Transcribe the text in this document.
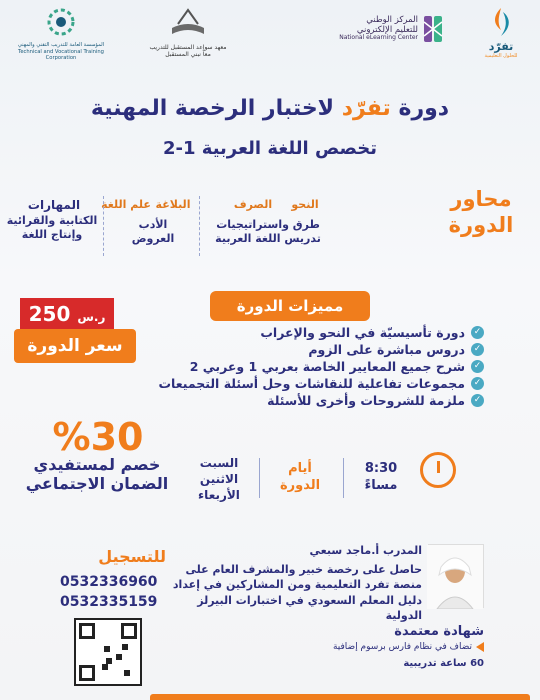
تفرّد
للحلول التعليمية
المركز الوطني
للتعليم الإلكتروني
National eLearning Center
معهد سواعد المستقبل للتدريب
معاً نبني المستقبل
المؤسسة العامة للتدريب التقني والمهني
Technical and Vocational Training Corporation
دورة تفرّد لاختبار الرخصة المهنية
تخصص اللغة العربية 1-2
محاور الدورة
النحو
الصرف
طرق واستراتيجيات تدريس اللغة العربية
البلاغة
علم اللغة
الأدب العروض
المهارات
الكتابية والقرائية وإنتاج اللغة
مميزات الدورة
✓
دورة تأسيسيّة في النحو والإعراب
✓
دروس مباشرة على الزوم
✓
شرح جميع المعايير الخاصة بعربي 1 وعربي 2
✓
مجموعات تفاعلية للنقاشات وحل أسئلة التجميعات
✓
ملزمة للشروحات وأخرى للأسئلة
250 ر.س
سعر الدورة
%30
خصم لمستفيدي الضمان الاجتماعي
8:30
مساءً
أيام
الدورة
السبت
الاثنين
الأربعاء
المدرب أ.ماجد سبعي
حاصل على رخصة خبير والمشرف العام على منصة تفرد التعليمية ومن المشاركين في إعداد دليل المعلم السعودي في اختبارات البيرلز الدولية
شهادة معتمدة
تضاف في نظام فارس برسوم إضافية
60 ساعة تدريبية
للتسجيل
0532336960
0532335159
